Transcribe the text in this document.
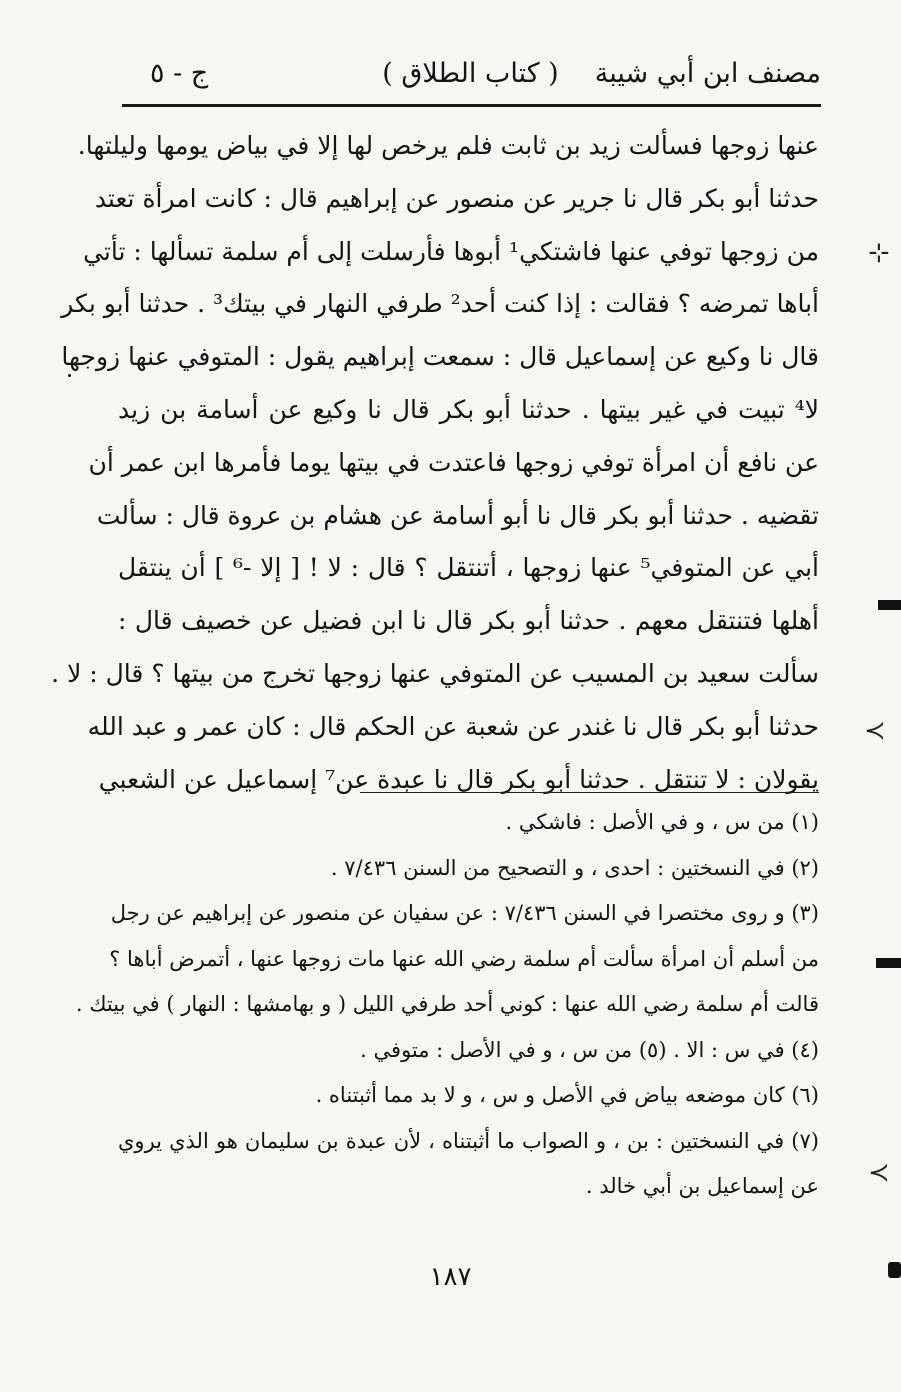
مصنف ابن أبي شيبة
( كتاب الطلاق )
ج - ٥
عنها زوجها فسألت زيد بن ثابت فلم يرخص لها إلا في بياض يومها وليلتها.
حدثنا أبو بكر قال نا جرير عن منصور عن إبراهيم قال : كانت امرأة تعتد
من زوجها توفي عنها فاشتكي¹ أبوها فأرسلت إلى أم سلمة تسألها : تأتي
أباها تمرضه ؟ فقالت : إذا كنت أحد² طرفي النهار في بيتك³ . حدثنا أبو بكر
قال نا وكيع عن إسماعيل قال : سمعت إبراهيم يقول : المتوفي عنها زوجها
لا⁴ تبيت في غير بيتها . حدثنا أبو بكر قال نا وكيع عن أسامة بن زيد
عن نافع أن امرأة توفي زوجها فاعتدت في بيتها يوما فأمرها ابن عمر أن
تقضيه . حدثنا أبو بكر قال نا أبو أسامة عن هشام بن عروة قال : سألت
أبي عن المتوفي⁵ عنها زوجها ، أتنتقل ؟ قال : لا ! [ إلا -⁶ ] أن ينتقل
أهلها فتنتقل معهم . حدثنا أبو بكر قال نا ابن فضيل عن خصيف قال :
سألت سعيد بن المسيب عن المتوفي عنها زوجها تخرج من بيتها ؟ قال : لا .
حدثنا أبو بكر قال نا غندر عن شعبة عن الحكم قال : كان عمر و عبد الله
يقولان : لا تنتقل . حدثنا أبو بكر قال نا عبدة عن⁷ إسماعيل عن الشعبي
(١) من س ، و في الأصل : فاشكي .
(٢) في النسختين : احدى ، و التصحيح من السنن ٧/٤٣٦ .
(٣) و روى مختصرا في السنن ٧/٤٣٦ : عن سفيان عن منصور عن إبراهيم عن رجل
من أسلم أن امرأة سألت أم سلمة رضي الله عنها مات زوجها عنها ، أتمرض أباها ؟
قالت أم سلمة رضي الله عنها : كوني أحد طرفي الليل ( و بهامشها : النهار ) في بيتك .
(٤) في س : الا . (٥) من س ، و في الأصل : متوفي .
(٦) كان موضعه بياض في الأصل و س ، و لا بد مما أثبتناه .
(٧) في النسختين : بن ، و الصواب ما أثبتناه ، لأن عبدة بن سليمان هو الذي يروي
عن إسماعيل بن أبي خالد .
١٨٧
⊹
≻
≻
